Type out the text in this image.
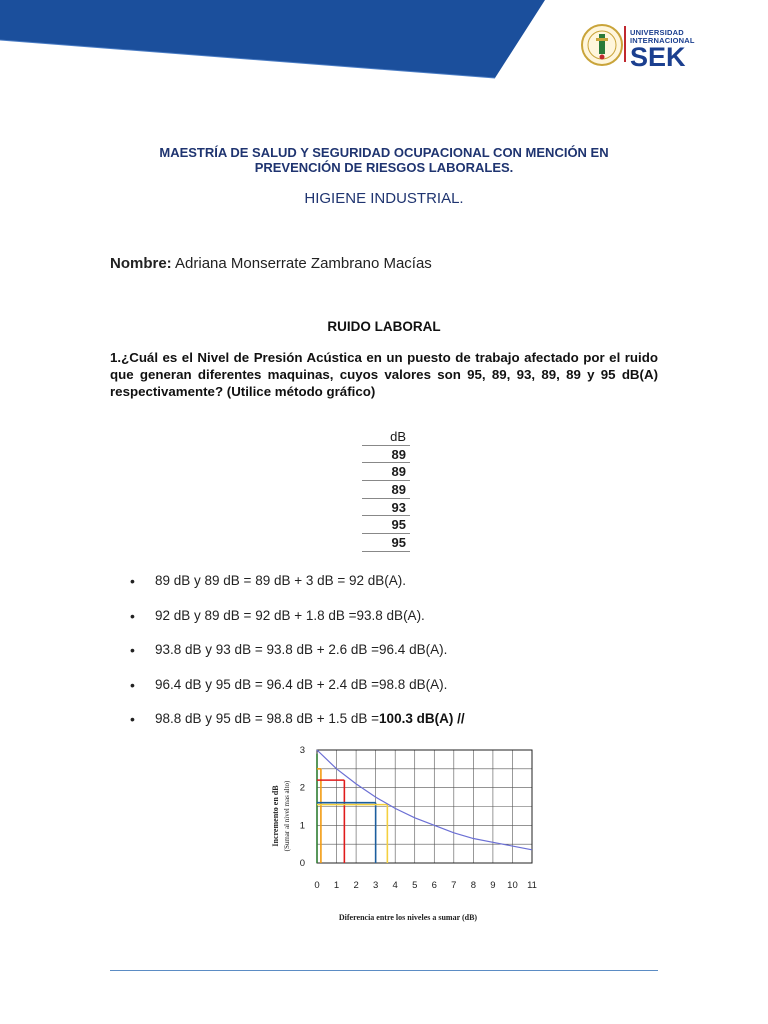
UNIVERSIDAD
INTERNACIONAL
SEK
MAESTRÍA DE SALUD Y SEGURIDAD OCUPACIONAL CON MENCIÓN EN
PREVENCIÓN DE RIESGOS LABORALES.
HIGIENE INDUSTRIAL.
Nombre: Adriana Monserrate Zambrano Macías
RUIDO LABORAL
1.¿Cuál es el Nivel de Presión Acústica en un puesto de trabajo afectado por el ruido que generan diferentes maquinas, cuyos valores son 95, 89, 93, 89, 89 y 95 dB(A) respectivamente? (Utilice método gráfico)
dB
89
89
89
93
95
95
• 89 dB y 89 dB = 89 dB + 3 dB = 92 dB(A).
• 92 dB y 89 dB = 92 dB + 1.8 dB =93.8 dB(A).
• 93.8 dB y 93 dB = 93.8 dB + 2.6 dB =96.4 dB(A).
• 96.4 dB y 95 dB = 96.4 dB + 2.4 dB =98.8 dB(A).
• 98.8 dB y 95 dB = 98.8 dB + 1.5 dB =100.3 dB(A) //
0 1 2 3 4 5 6 7 8 9 10 11
0
1
2
3
Diferencia entre los niveles a sumar (dB)
Incremento en dB (Sumar al nivel mas alto)
